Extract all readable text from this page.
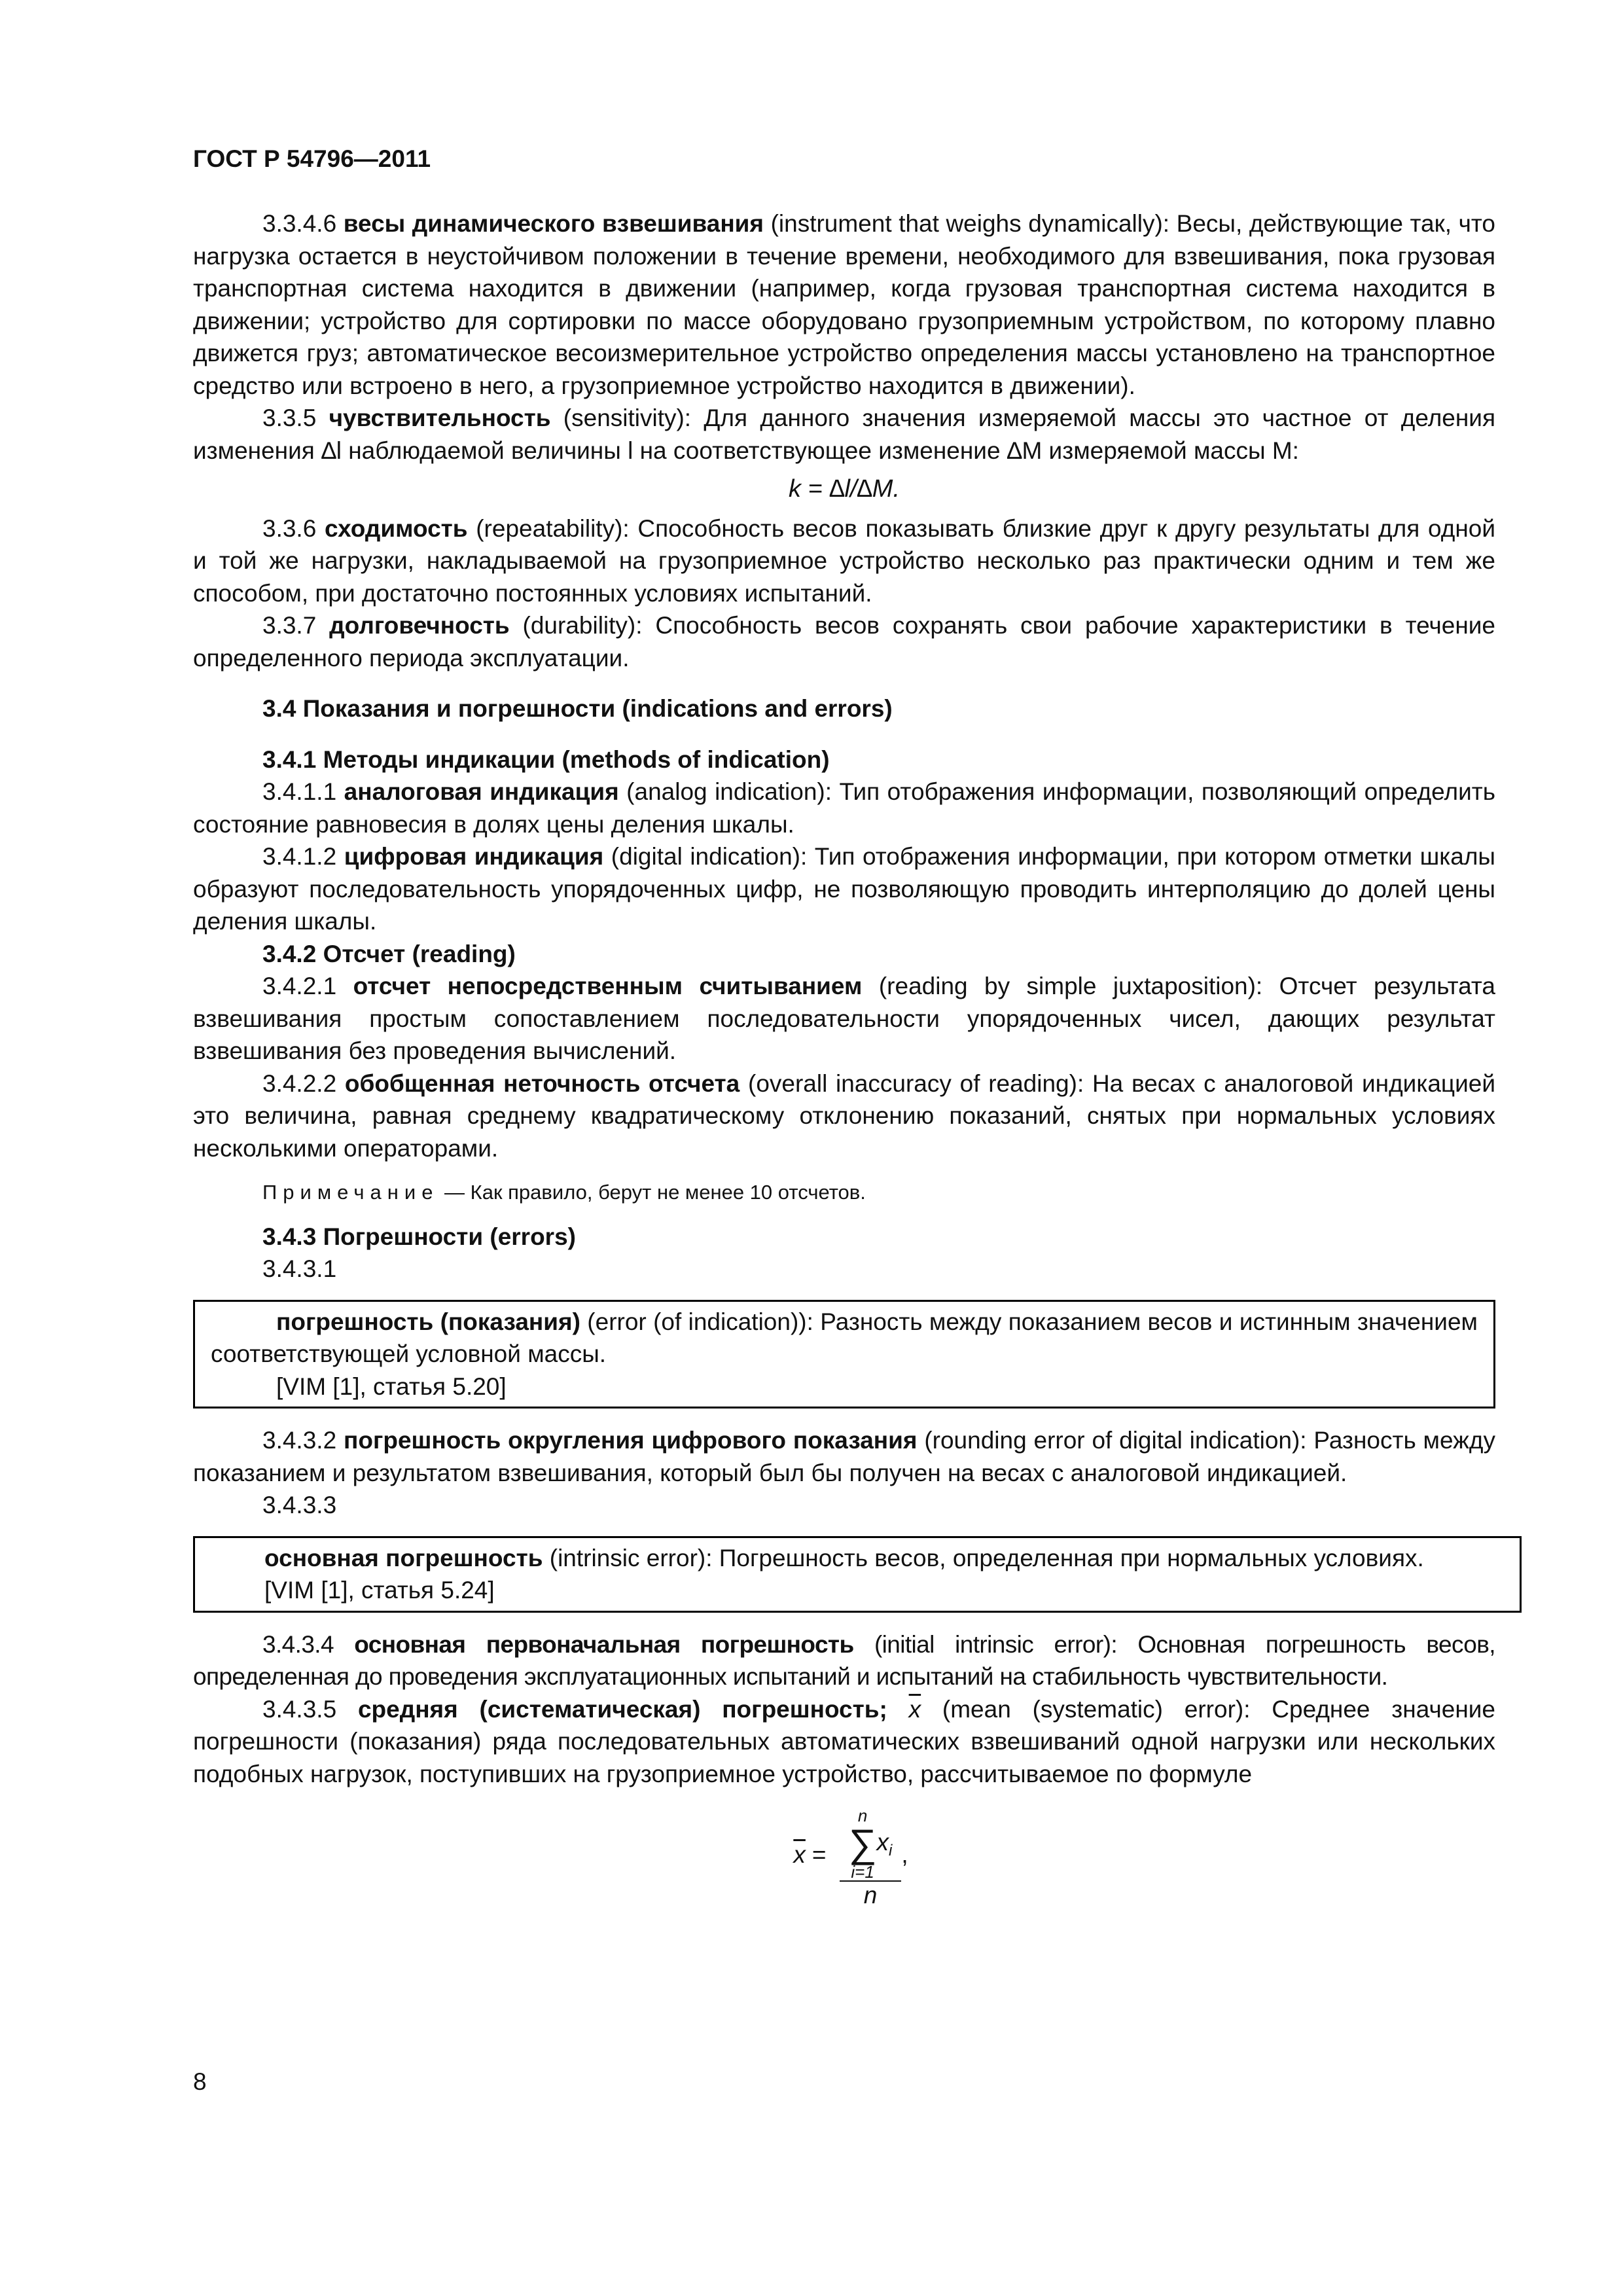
ГОСТ Р 54796—2011

3.3.4.6 весы динамического взвешивания (instrument that weighs dynamically): Весы, действующие так, что нагрузка остается в неустойчивом положении в течение времени, необходимого для взвешивания, пока грузовая транспортная система находится в движении (например, когда грузовая транспортная система находится в движении; устройство для сортировки по массе оборудовано грузоприемным устройством, по которому плавно движется груз; автоматическое весоизмерительное устройство определения массы установлено на транспортное средство или встроено в него, а грузоприемное устройство находится в движении).

3.3.5 чувствительность (sensitivity): Для данного значения измеряемой массы это частное от деления изменения ∆l наблюдаемой величины l на соответствующее изменение ∆M измеряемой массы M:

k = ∆l/∆M.

3.3.6 сходимость (repeatability): Способность весов показывать близкие друг к другу результаты для одной и той же нагрузки, накладываемой на грузоприемное устройство несколько раз практически одним и тем же способом, при достаточно постоянных условиях испытаний.

3.3.7 долговечность (durability): Способность весов сохранять свои рабочие характеристики в течение определенного периода эксплуатации.

3.4 Показания и погрешности (indications and errors)

3.4.1 Методы индикации (methods of indication)

3.4.1.1 аналоговая индикация (analog indication): Тип отображения информации, позволяющий определить состояние равновесия в долях цены деления шкалы.

3.4.1.2 цифровая индикация (digital indication): Тип отображения информации, при котором отметки шкалы образуют последовательность упорядоченных цифр, не позволяющую проводить интерполяцию до долей цены деления шкалы.

3.4.2 Отсчет (reading)

3.4.2.1 отсчет непосредственным считыванием (reading by simple juxtaposition): Отсчет результата взвешивания простым сопоставлением последовательности упорядоченных чисел, дающих результат взвешивания без проведения вычислений.

3.4.2.2 обобщенная неточность отсчета (overall inaccuracy of reading): На весах с аналоговой индикацией это величина, равная среднему квадратическому отклонению показаний, снятых при нормальных условиях несколькими операторами.

Примечание — Как правило, берут не менее 10 отсчетов.

3.4.3 Погрешности (errors)

3.4.3.1

погрешность (показания) (error (of indication)): Разность между показанием весов и истинным значением соответствующей условной массы.

[VIM [1], статья 5.20]

3.4.3.2 погрешность округления цифрового показания (rounding error of digital indication): Разность между показанием и результатом взвешивания, который был бы получен на весах с аналоговой индикацией.

3.4.3.3

основная погрешность (intrinsic error): Погрешность весов, определенная при нормальных условиях.

[VIM [1], статья 5.24]

3.4.3.4 основная первоначальная погрешность (initial intrinsic error): Основная погрешность весов, определенная до проведения эксплуатационных испытаний и испытаний на стабильность чувствительности.

3.4.3.5 средняя (систематическая) погрешность; $\overline{x}$ (mean (systematic) error): Среднее значение погрешности (показания) ряда последовательных автоматических взвешиваний одной нагрузки или нескольких подобных нагрузок, поступивших на грузоприемное устройство, рассчитываемое по формуле

$\overline{x} = n$
∑
i=1
$x_i$
n ,
8
